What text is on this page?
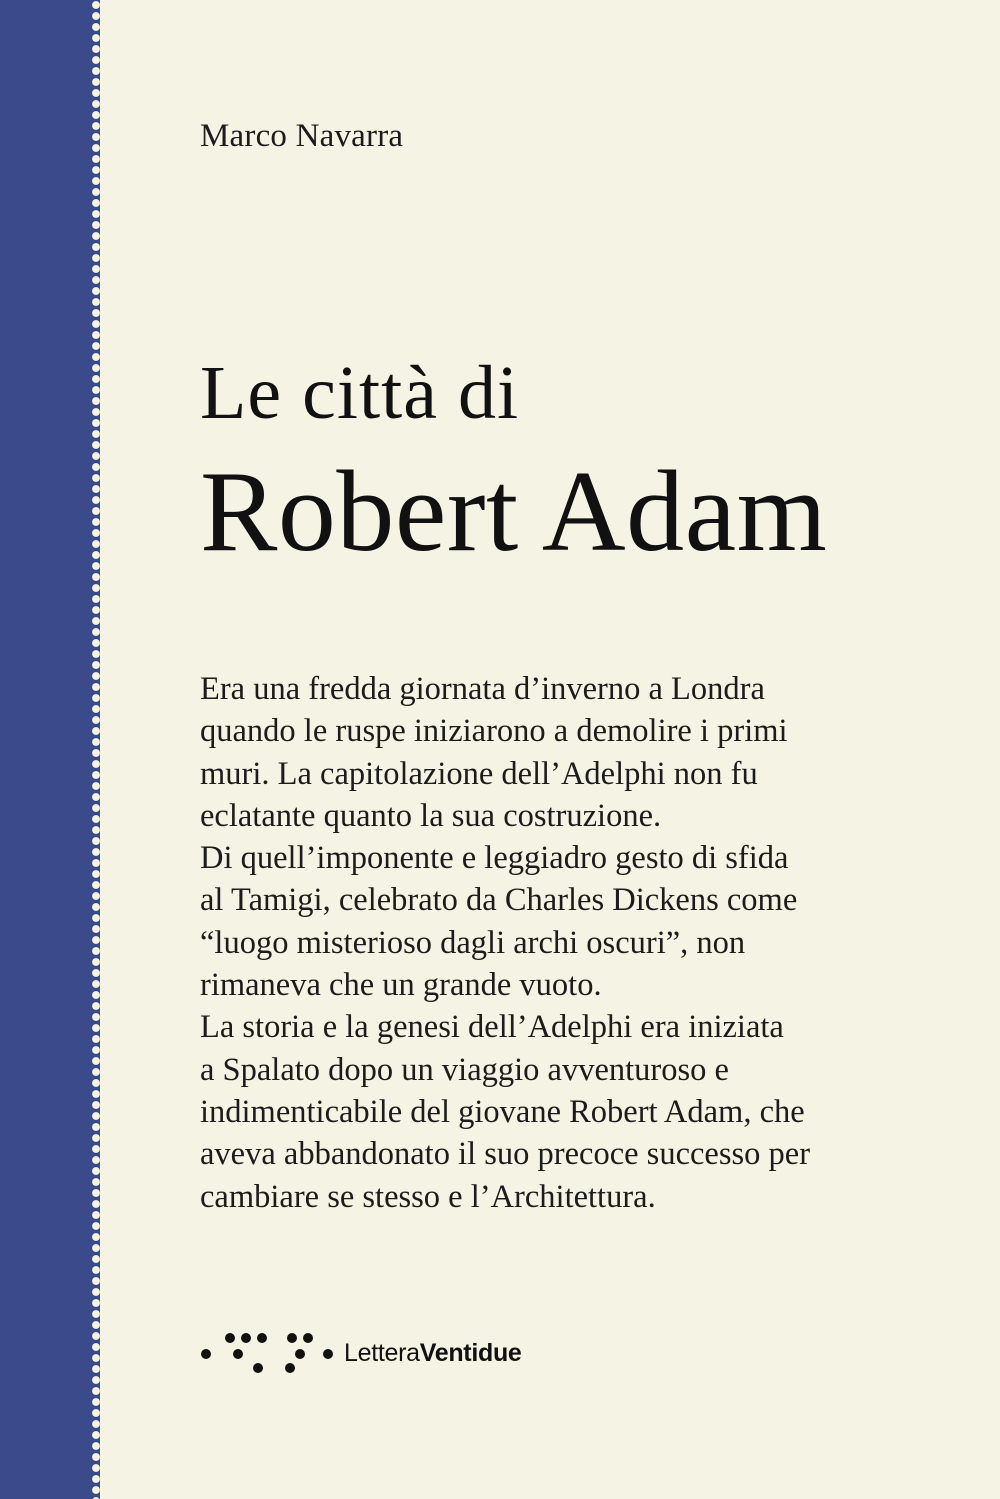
Marco Navarra
Le città di
Robert Adam
Era una fredda giornata d’inverno a Londra
quando le ruspe iniziarono a demolire i primi
muri. La capitolazione dell’Adelphi non fu
eclatante quanto la sua costruzione.
Di quell’imponente e leggiadro gesto di sfida
al Tamigi, celebrato da Charles Dickens come
“luogo misterioso dagli archi oscuri”, non
rimaneva che un grande vuoto.
La storia e la genesi dell’Adelphi era iniziata
a Spalato dopo un viaggio avventuroso e
indimenticabile del giovane Robert Adam, che
aveva abbandonato il suo precoce successo per
cambiare se stesso e l’Architettura.
LetteraVentidue
